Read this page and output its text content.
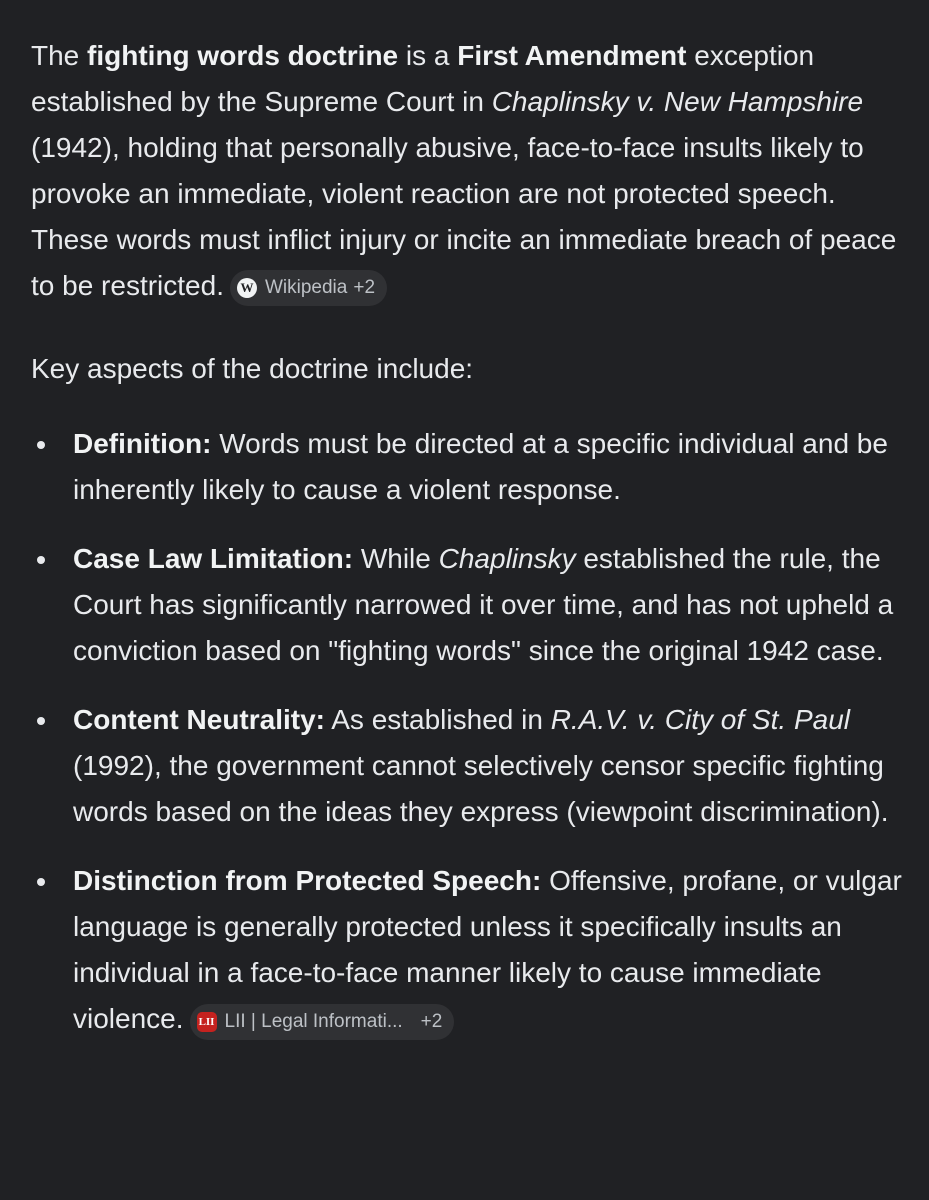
The fighting words doctrine is a First Amendment exception established by the Supreme Court in Chaplinsky v. New Hampshire (1942), holding that personally abusive, face-to-face insults likely to provoke an immediate, violent reaction are not protected speech. These words must inflict injury or incite an immediate breach of peace to be restricted. W Wikipedia +2

Key aspects of the doctrine include:

Definition: Words must be directed at a specific individual and be inherently likely to cause a violent response.
Case Law Limitation: While Chaplinsky established the rule, the Court has significantly narrowed it over time, and has not upheld a conviction based on "fighting words" since the original 1942 case.
Content Neutrality: As established in R.A.V. v. City of St. Paul (1992), the government cannot selectively censor specific fighting words based on the ideas they express (viewpoint discrimination).
Distinction from Protected Speech: Offensive, profane, or vulgar language is generally protected unless it specifically insults an individual in a face-to-face manner likely to cause immediate violence. LII LII | Legal Informati... +2
